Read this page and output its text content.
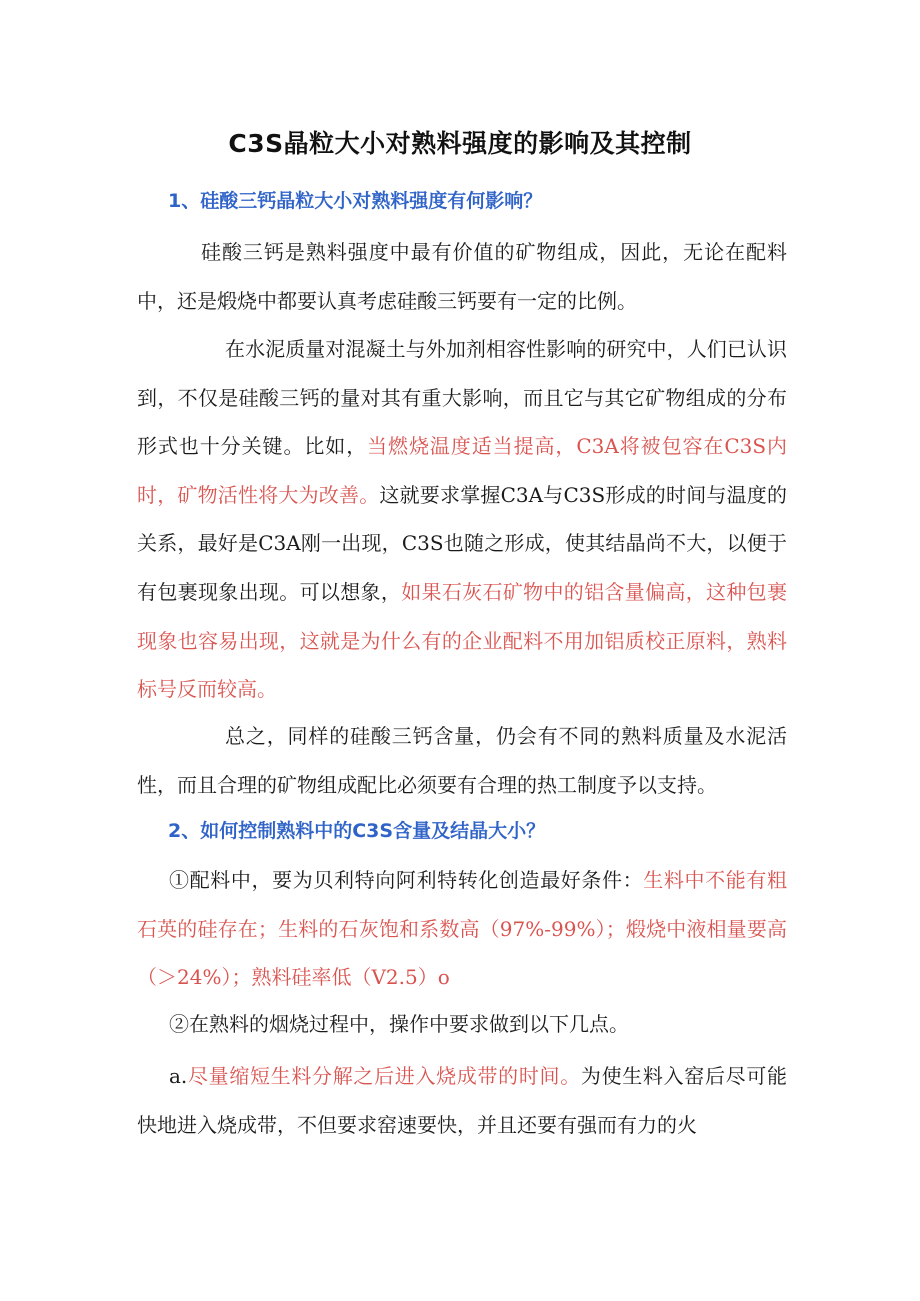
C3S晶粒大小对熟料强度的影响及其控制
1、硅酸三钙晶粒大小对熟料强度有何影响？
硅酸三钙是熟料强度中最有价值的矿物组成，因此，无论在配料中，还是煅烧中都要认真考虑硅酸三钙要有一定的比例。
在水泥质量对混凝土与外加剂相容性影响的研究中，人们已认识到，不仅是硅酸三钙的量对其有重大影响，而且它与其它矿物组成的分布形式也十分关键。比如，当燃烧温度适当提高，C3A将被包容在C3S内时，矿物活性将大为改善。这就要求掌握C3A与C3S形成的时间与温度的关系，最好是C3A刚一出现，C3S也随之形成，使其结晶尚不大，以便于有包裹现象出现。可以想象，如果石灰石矿物中的铝含量偏高，这种包裹现象也容易出现，这就是为什么有的企业配料不用加铝质校正原料，熟料标号反而较高。
总之，同样的硅酸三钙含量，仍会有不同的熟料质量及水泥活性，而且合理的矿物组成配比必须要有合理的热工制度予以支持。
2、如何控制熟料中的C3S含量及结晶大小？
①配料中，要为贝利特向阿利特转化创造最好条件：生料中不能有粗石英的硅存在；生料的石灰饱和系数高（97%-99%）；煅烧中液相量要高（＞24%）；熟料硅率低（V2.5）o
②在熟料的烟烧过程中，操作中要求做到以下几点。
a.尽量缩短生料分解之后进入烧成带的时间。为使生料入窑后尽可能快地进入烧成带，不但要求窑速要快，并且还要有强而有力的火
